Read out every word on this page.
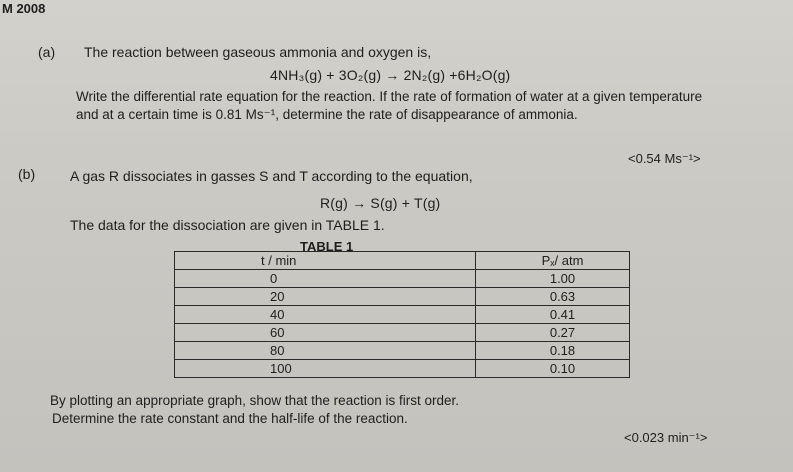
M 2008
(a) The reaction between gaseous ammonia and oxygen is,
4NH₃(g) + 3O₂(g) → 2N₂(g) +6H₂O(g)
Write the differential rate equation for the reaction. If the rate of formation of water at a given temperature
and at a certain time is 0.81 Ms⁻¹, determine the rate of disappearance of ammonia.
<0.54 Ms⁻¹>
(b) A gas R dissociates in gasses S and T according to the equation,
R(g) → S(g) + T(g)
The data for the dissociation are given in TABLE 1.
TABLE 1
t / min	Pₓ/ atm
0	1.00
20	0.63
40	0.41
60	0.27
80	0.18
100	0.10
By plotting an appropriate graph, show that the reaction is first order.
Determine the rate constant and the half-life of the reaction.
<0.023 min⁻¹>
